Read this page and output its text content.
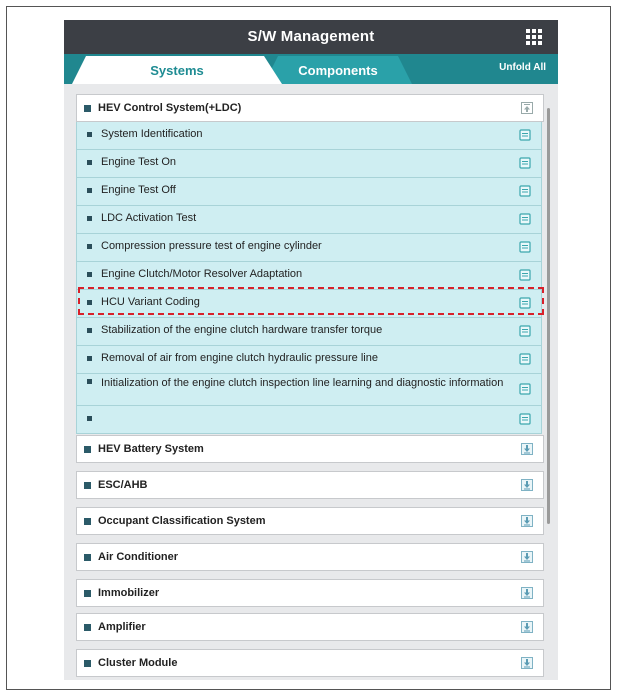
S/W Management
Components
Systems	Unfold All
HEV Control System(+LDC)
System Identification
Engine Test On
Engine Test Off
LDC Activation Test
Compression pressure test of engine cylinder
Engine Clutch/Motor Resolver Adaptation
HCU Variant Coding
Stabilization of the engine clutch hardware transfer torque
Removal of air from engine clutch hydraulic pressure line
Initialization of the engine clutch inspection line learning and diagnostic information
HEV Battery System
ESC/AHB
Occupant Classification System
Air Conditioner
Immobilizer
Amplifier
Cluster Module
